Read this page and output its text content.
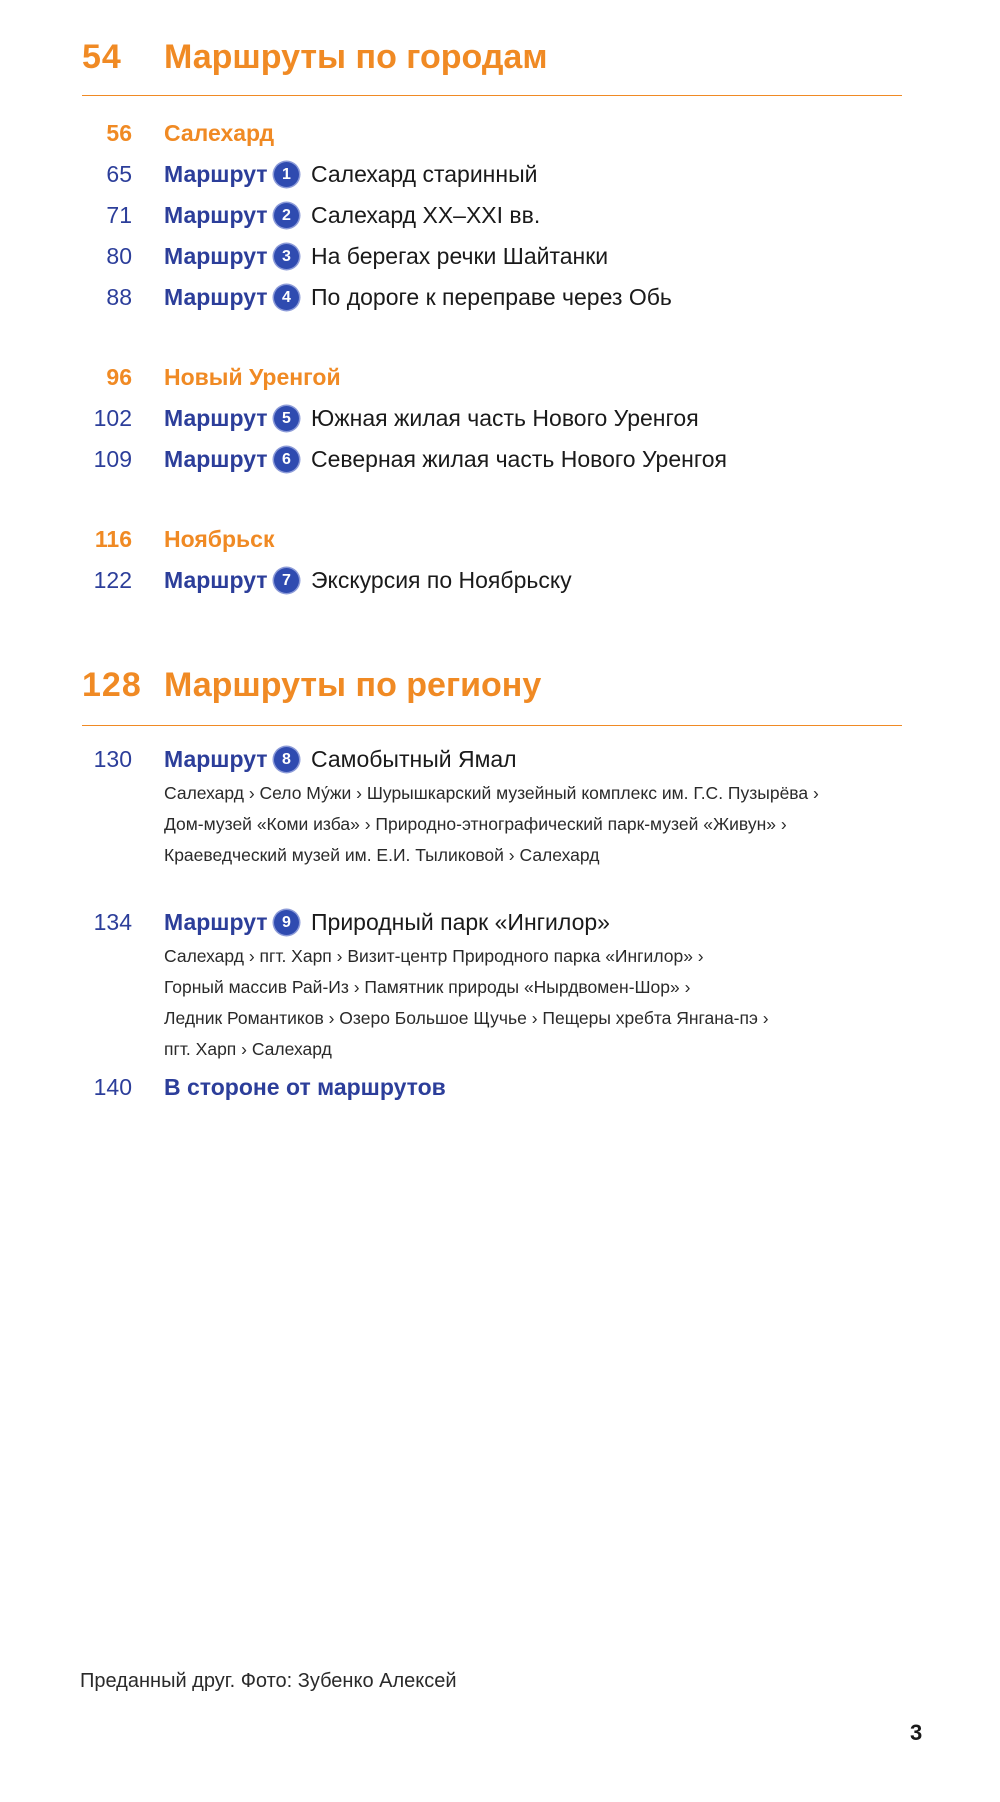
54 Маршруты по городам
56 Салехард
65 Маршрут 1 Салехард старинный
71 Маршрут 2 Салехард XX–XXI вв.
80 Маршрут 3 На берегах речки Шайтанки
88 Маршрут 4 По дороге к переправе через Обь
96 Новый Уренгой
102 Маршрут 5 Южная жилая часть Нового Уренгоя
109 Маршрут 6 Северная жилая часть Нового Уренгоя
116 Ноябрьск
122 Маршрут 7 Экскурсия по Ноябрьску
128 Маршруты по региону
130 Маршрут 8 Самобытный Ямал
Салехард › Село Му́жи › Шурышкарский музейный комплекс им. Г.С. Пузырёва ›
Дом-музей «Коми изба» › Природно-этнографический парк-музей «Живун» ›
Краеведческий музей им. Е.И. Тыликовой › Салехард
134 Маршрут 9 Природный парк «Ингилор»
Салехард › пгт. Харп › Визит-центр Природного парка «Ингилор» ›
Горный массив Рай-Из › Памятник природы «Нырдвомен-Шор» ›
Ледник Романтиков › Озеро Большое Щучье › Пещеры хребта Янгана-пэ ›
пгт. Харп › Салехард
140 В стороне от маршрутов
Преданный друг. Фото: Зубенко Алексей
3
